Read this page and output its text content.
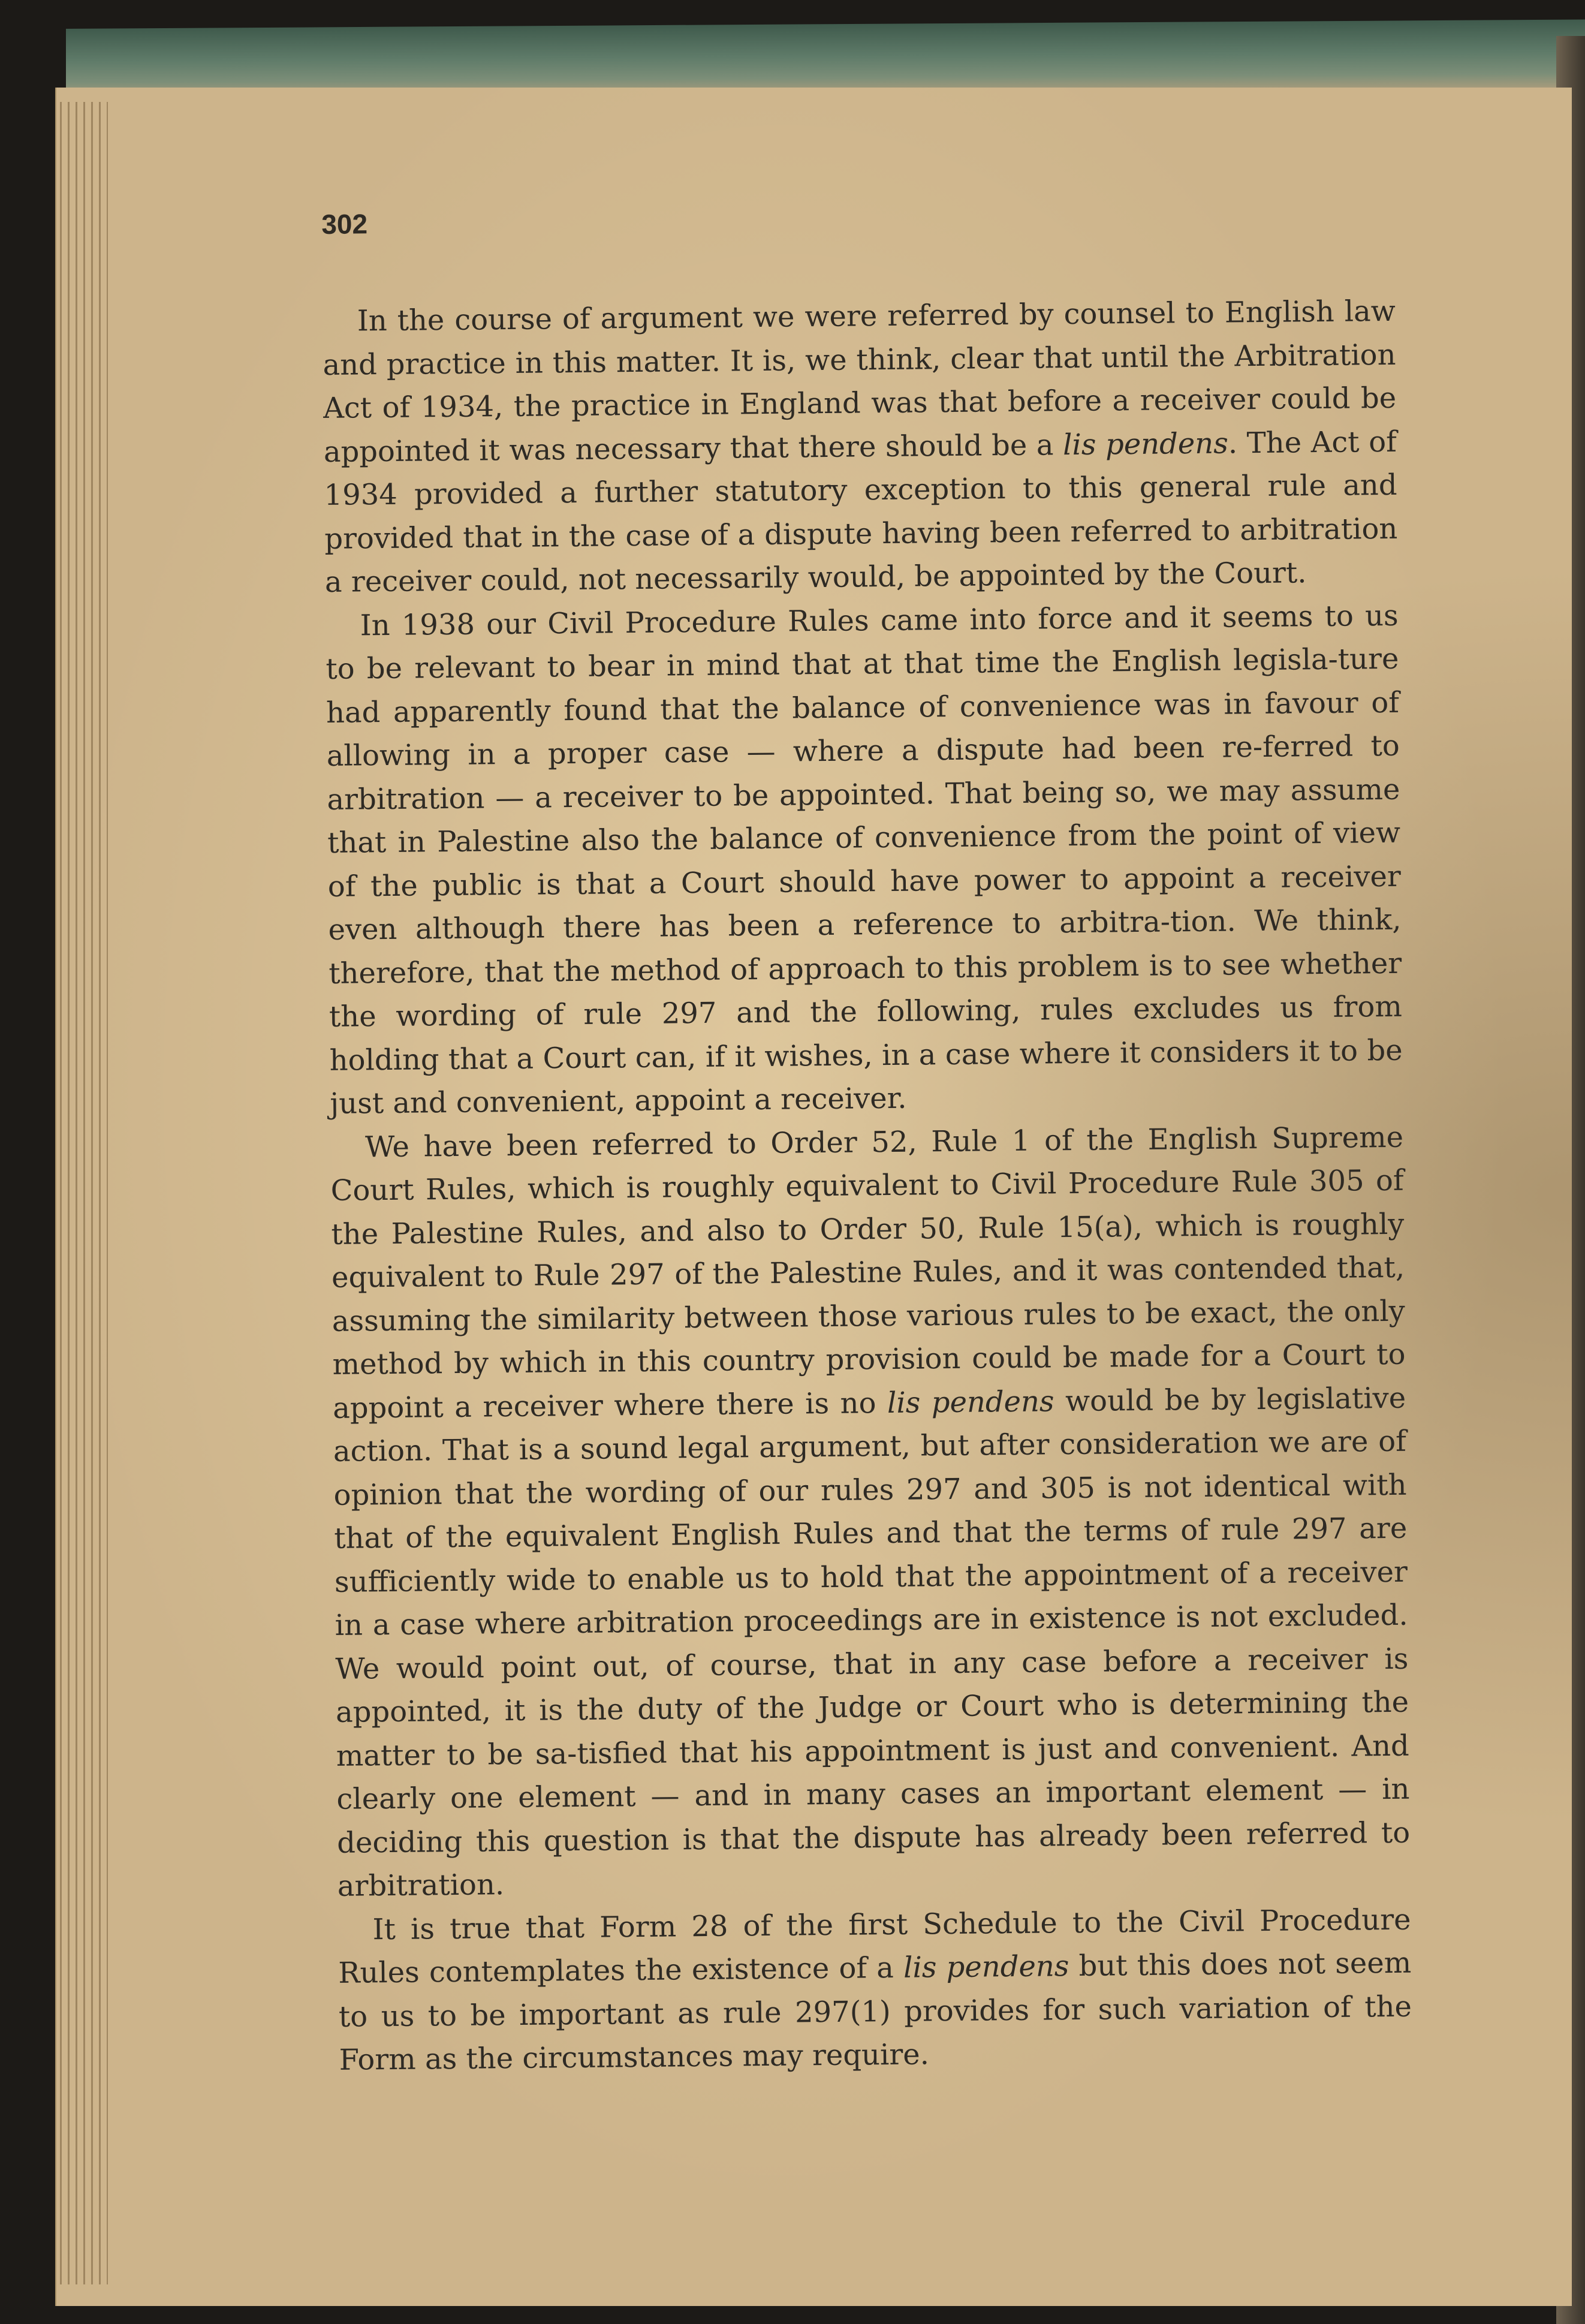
302

In the course of argument we were referred by counsel to English law and practice in this matter. It is, we think, clear that until the Arbitration Act of 1934, the practice in England was that before a receiver could be appointed it was necessary that there should be a lis pendens. The Act of 1934 provided a further statutory exception to this general rule and provided that in the case of a dispute having been referred to arbitration a receiver could, not necessarily would, be appointed by the Court.

In 1938 our Civil Procedure Rules came into force and it seems to us to be relevant to bear in mind that at that time the English legisla-ture had apparently found that the balance of convenience was in favour of allowing in a proper case — where a dispute had been re-ferred to arbitration — a receiver to be appointed. That being so, we may assume that in Palestine also the balance of convenience from the point of view of the public is that a Court should have power to appoint a receiver even although there has been a reference to arbitra-tion. We think, therefore, that the method of approach to this problem is to see whether the wording of rule 297 and the following, rules excludes us from holding that a Court can, if it wishes, in a case where it considers it to be just and convenient, appoint a receiver.

We have been referred to Order 52, Rule 1 of the English Supreme Court Rules, which is roughly equivalent to Civil Procedure Rule 305 of the Palestine Rules, and also to Order 50, Rule 15(a), which is roughly equivalent to Rule 297 of the Palestine Rules, and it was contended that, assuming the similarity between those various rules to be exact, the only method by which in this country provision could be made for a Court to appoint a receiver where there is no lis pendens would be by legislative action. That is a sound legal argument, but after consideration we are of opinion that the wording of our rules 297 and 305 is not identical with that of the equivalent English Rules and that the terms of rule 297 are sufficiently wide to enable us to hold that the appointment of a receiver in a case where arbitration proceedings are in existence is not excluded. We would point out, of course, that in any case before a receiver is appointed, it is the duty of the Judge or Court who is determining the matter to be sa-tisfied that his appointment is just and convenient. And clearly one element — and in many cases an important element — in deciding this question is that the dispute has already been referred to arbitration.

It is true that Form 28 of the first Schedule to the Civil Procedure Rules contemplates the existence of a lis pendens but this does not seem to us to be important as rule 297(1) provides for such variation of the Form as the circumstances may require.
